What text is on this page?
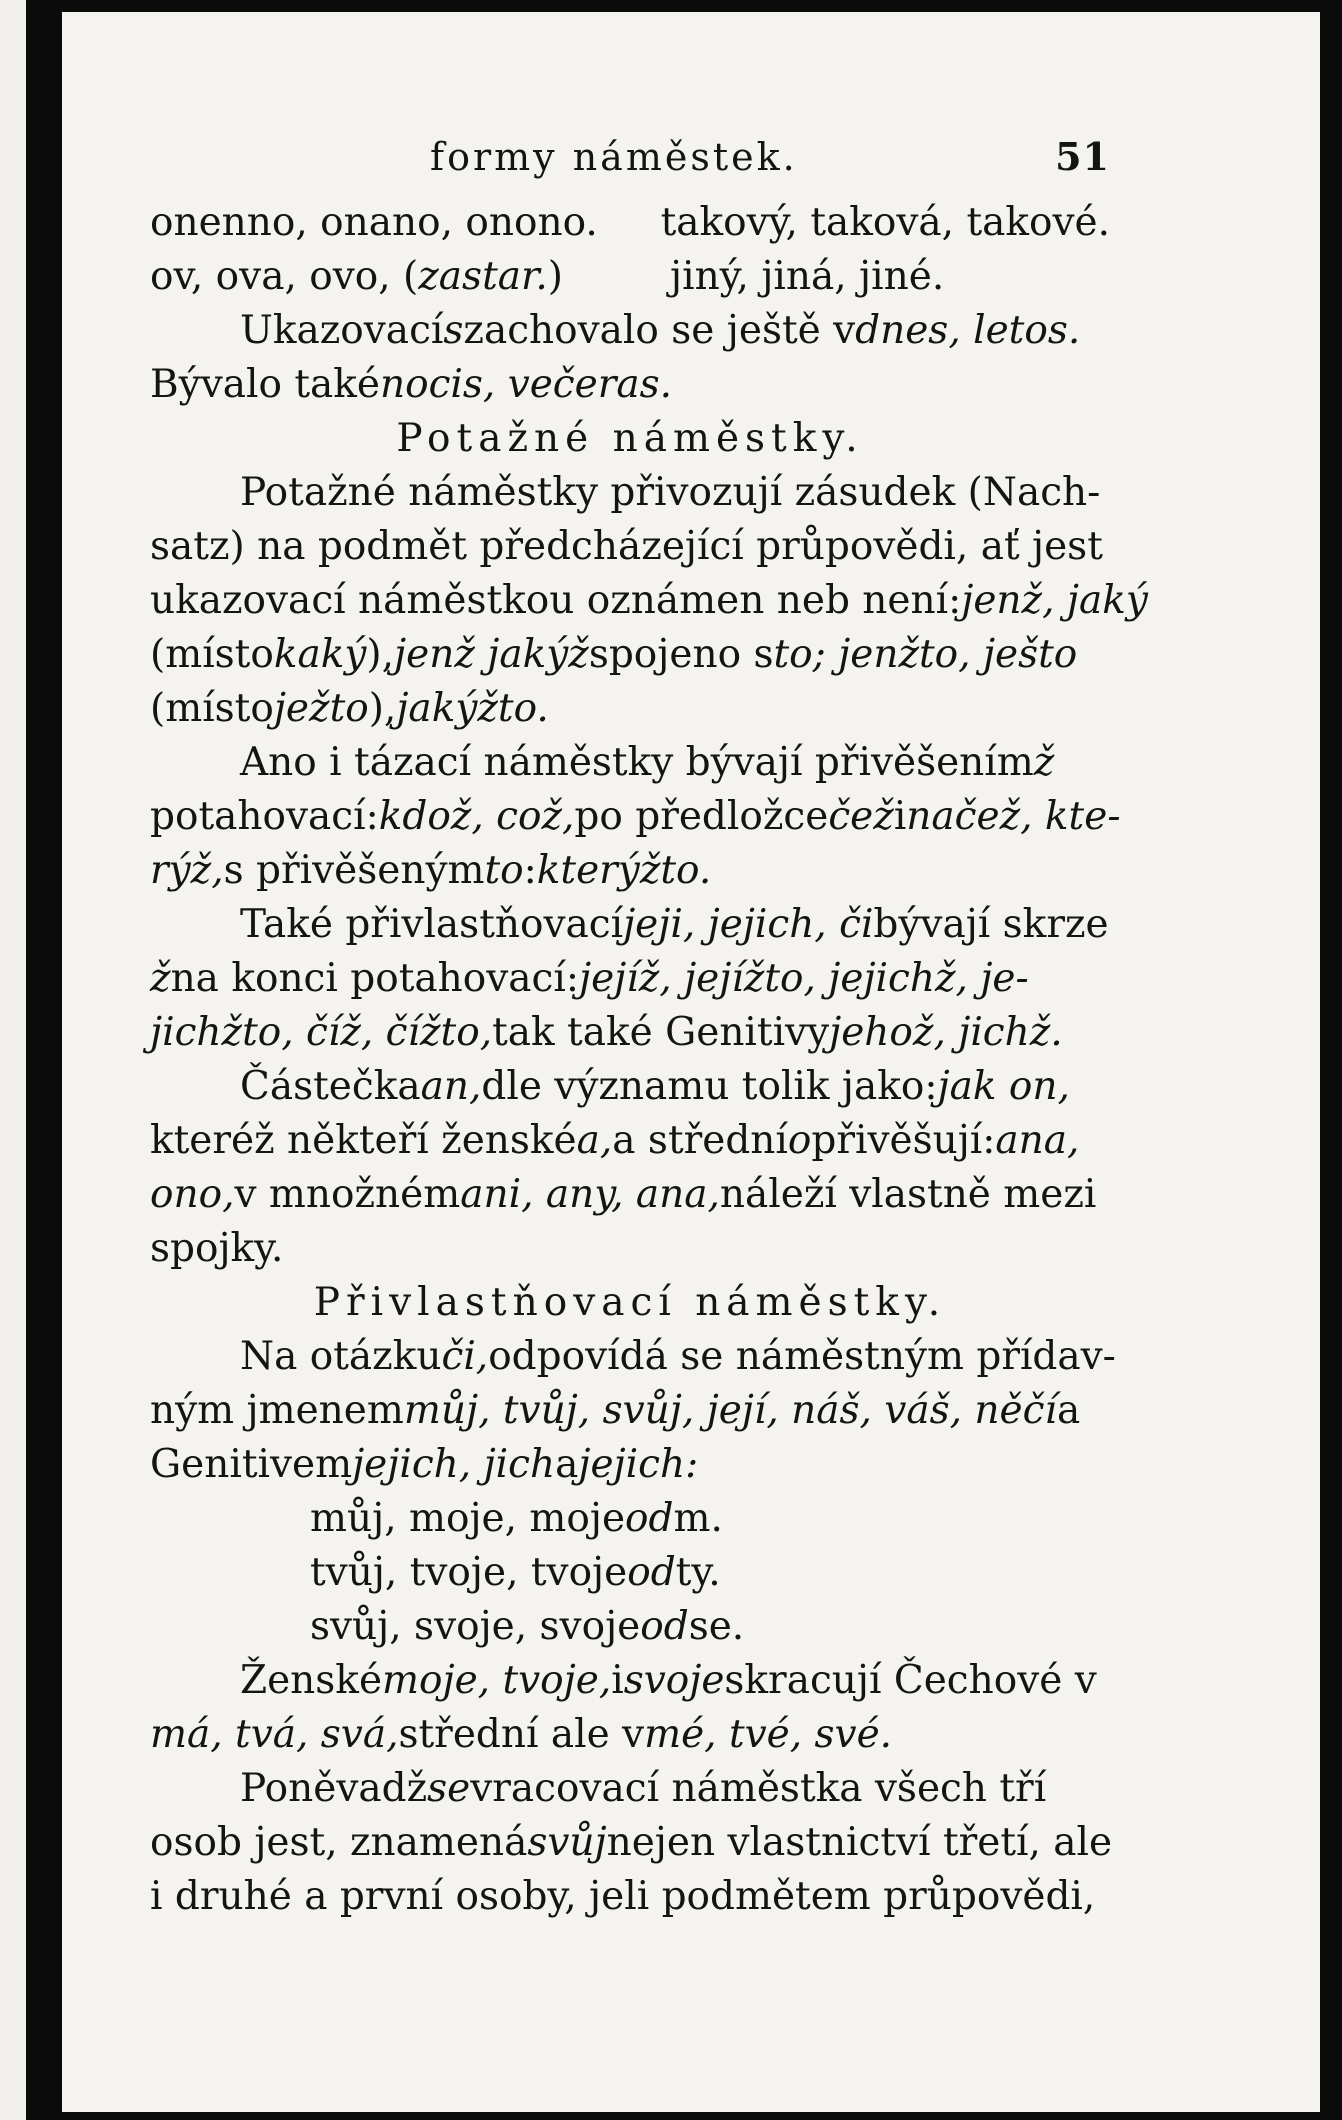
formy náměstek.	51
onenno, onano, onono.	takový, taková, takové.
ov, ova, ovo, (zastar.)	jiný, jiná, jiné.
Ukazovací s zachovalo se ještě v dnes, letos.
Bývalo také nocis, večeras.
Potažné náměstky.
Potažné náměstky přivozují zásudek (Nach-
satz) na podmět předcházející průpovědi, ať jest
ukazovací náměstkou oznámen neb není: jenž, jaký
(místo kaký ), jenž jakýž spojeno s to; jenžto, ješto
(místo ježto ), jakýžto.
Ano i tázací náměstky bývají přivěšením ž
potahovací: kdož, což, po předložce čež i načež, kte-
rýž, s přivěšeným to : kterýžto.
Také přivlastňovací jeji, jejich, či bývají skrze
ž na konci potahovací: jejíž, jejížto, jejichž, je-
jichžto, číž, čížto, tak také Genitivy jehož, jichž.
Částečka an, dle významu tolik jako: jak on,
kteréž někteří ženské a, a střední o přivěšují: ana,
ono, v množném ani, any, ana, náleží vlastně mezi
spojky.
Přivlastňovací náměstky.
Na otázku či, odpovídá se náměstným přídav-
ným jmenem můj, tvůj, svůj, její, náš, váš, něčí a
Genitivem jejich, jich a jejich:
můj, moje, moje od m.
tvůj, tvoje, tvoje od ty.
svůj, svoje, svoje od se.
Ženské moje, tvoje, i svoje skracují Čechové v
má, tvá, svá, střední ale v mé, tvé, své.
Poněvadž se vracovací náměstka všech tří
osob jest, znamená svůj nejen vlastnictví třetí, ale
i druhé a první osoby, jeli podmětem průpovědi,
